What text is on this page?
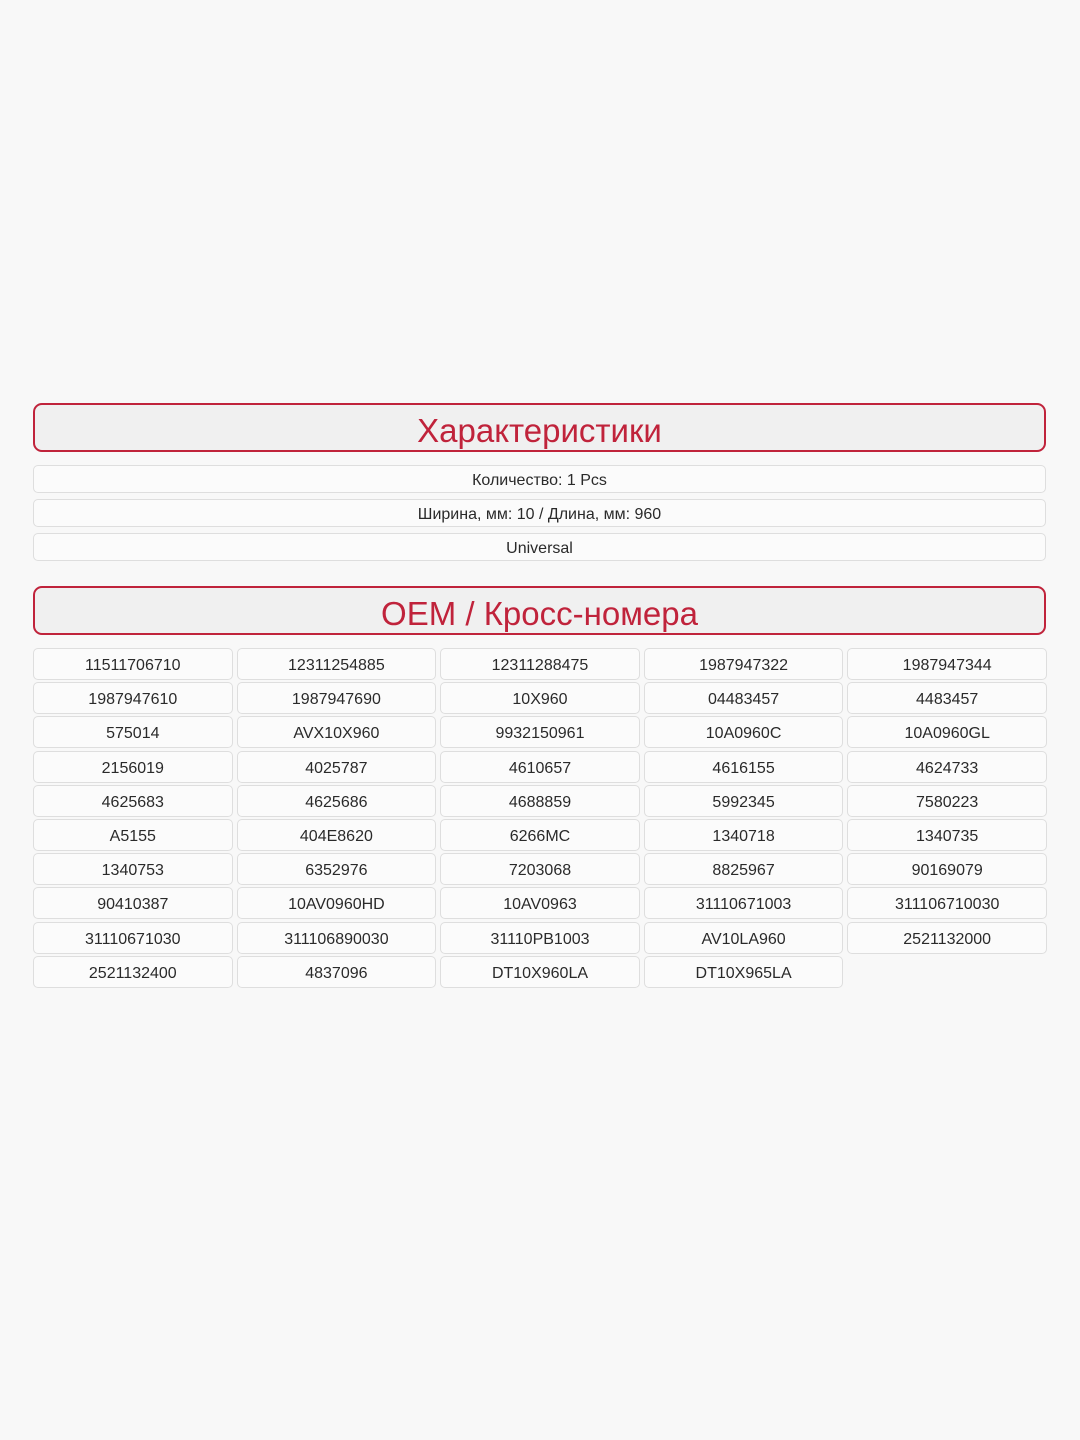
Характеристики
Количество: 1 Pcs
Ширина, мм: 10 / Длина, мм: 960
Universal
OEM / Кросс-номера
11511706710	12311254885	12311288475	1987947322	1987947344
1987947610	1987947690	10X960	04483457	4483457
575014	AVX10X960	9932150961	10A0960C	10A0960GL
2156019	4025787	4610657	4616155	4624733
4625683	4625686	4688859	5992345	7580223
A5155	404E8620	6266MC	1340718	1340735
1340753	6352976	7203068	8825967	90169079
90410387	10AV0960HD	10AV0963	31110671003	311106710030
31110671030	311106890030	31110PB1003	AV10LA960	2521132000
2521132400	4837096	DT10X960LA	DT10X965LA
